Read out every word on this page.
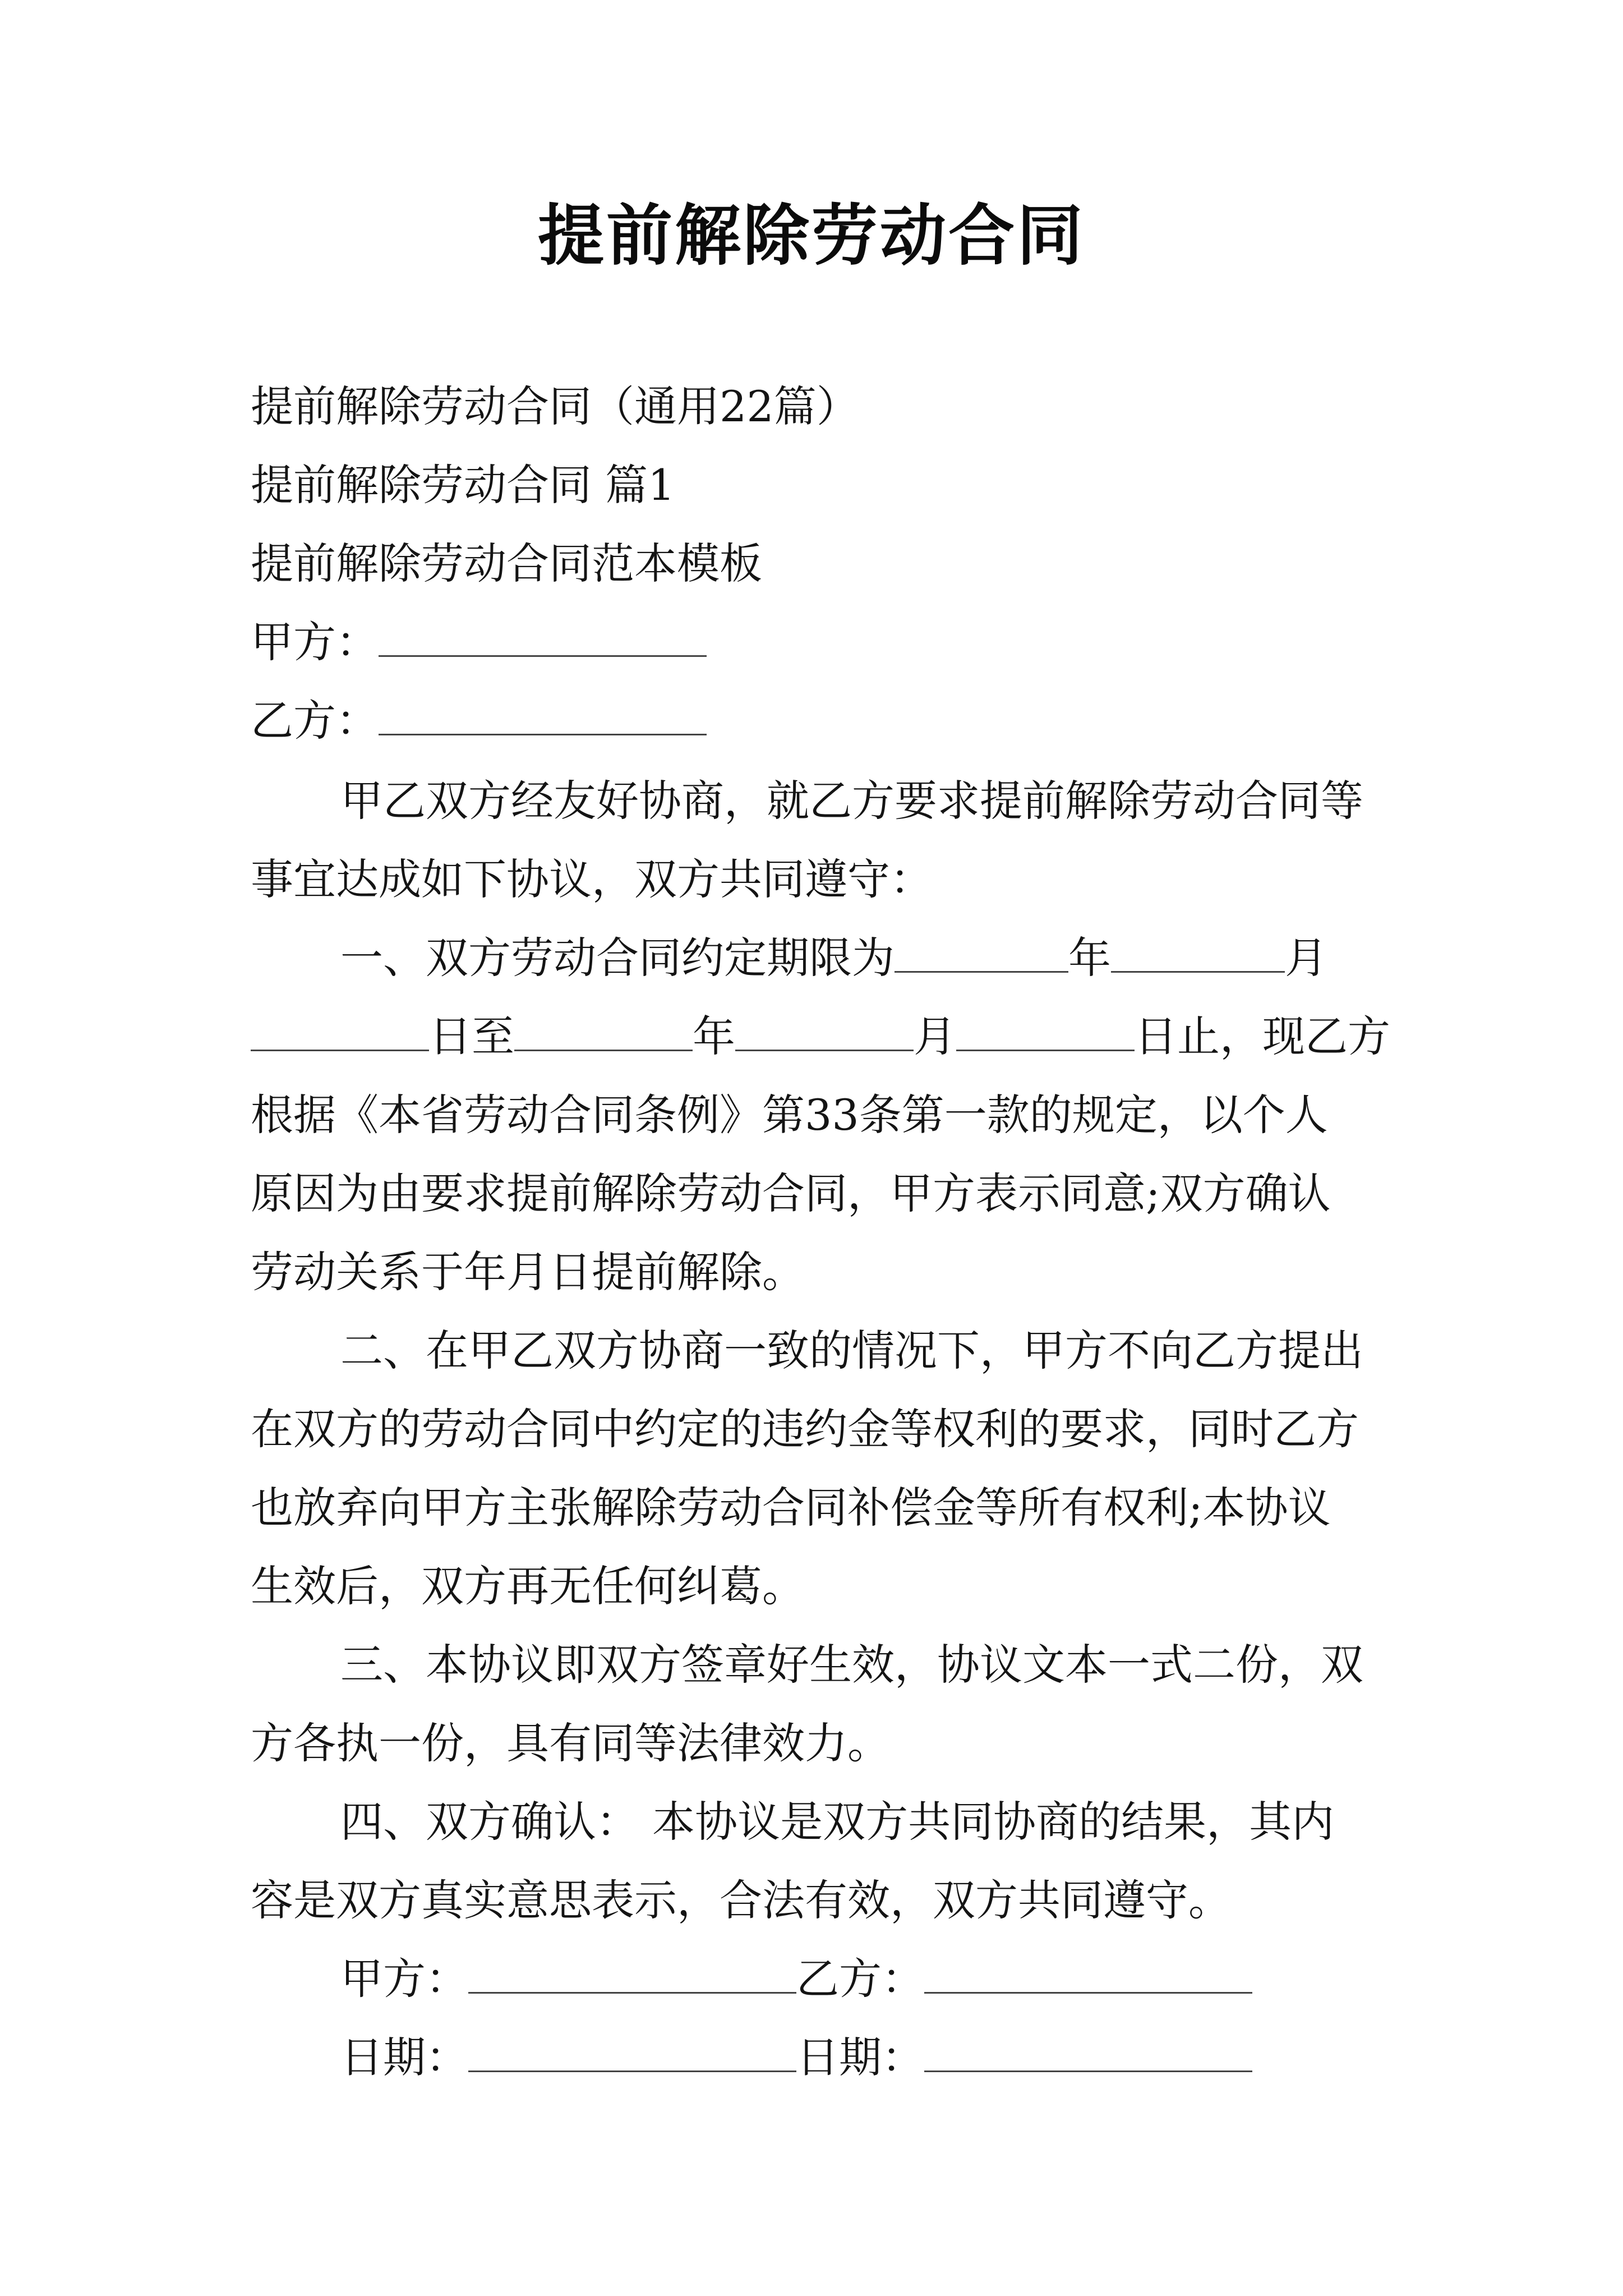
提前解除劳动合同
提前解除劳动合同（通用22篇）
提前解除劳动合同 篇1
提前解除劳动合同范本模板
甲方：
乙方：
甲乙双方经友好协商，就乙方要求提前解除劳动合同等
事宜达成如下协议，双方共同遵守：
一、双方劳动合同约定期限为	年	月
日至	年	月	日止，现乙方
根据《本省劳动合同条例》第33条第一款的规定，以个人
原因为由要求提前解除劳动合同，甲方表示同意;双方确认
劳动关系于年月日提前解除。
二、在甲乙双方协商一致的情况下，甲方不向乙方提出
在双方的劳动合同中约定的违约金等权利的要求，同时乙方
也放弃向甲方主张解除劳动合同补偿金等所有权利;本协议
生效后，双方再无任何纠葛。
三、本协议即双方签章好生效，协议文本一式二份，双
方各执一份，具有同等法律效力。
四、双方确认： 本协议是双方共同协商的结果，其内
容是双方真实意思表示，合法有效，双方共同遵守。
甲方：	乙方：
日期：	日期：
